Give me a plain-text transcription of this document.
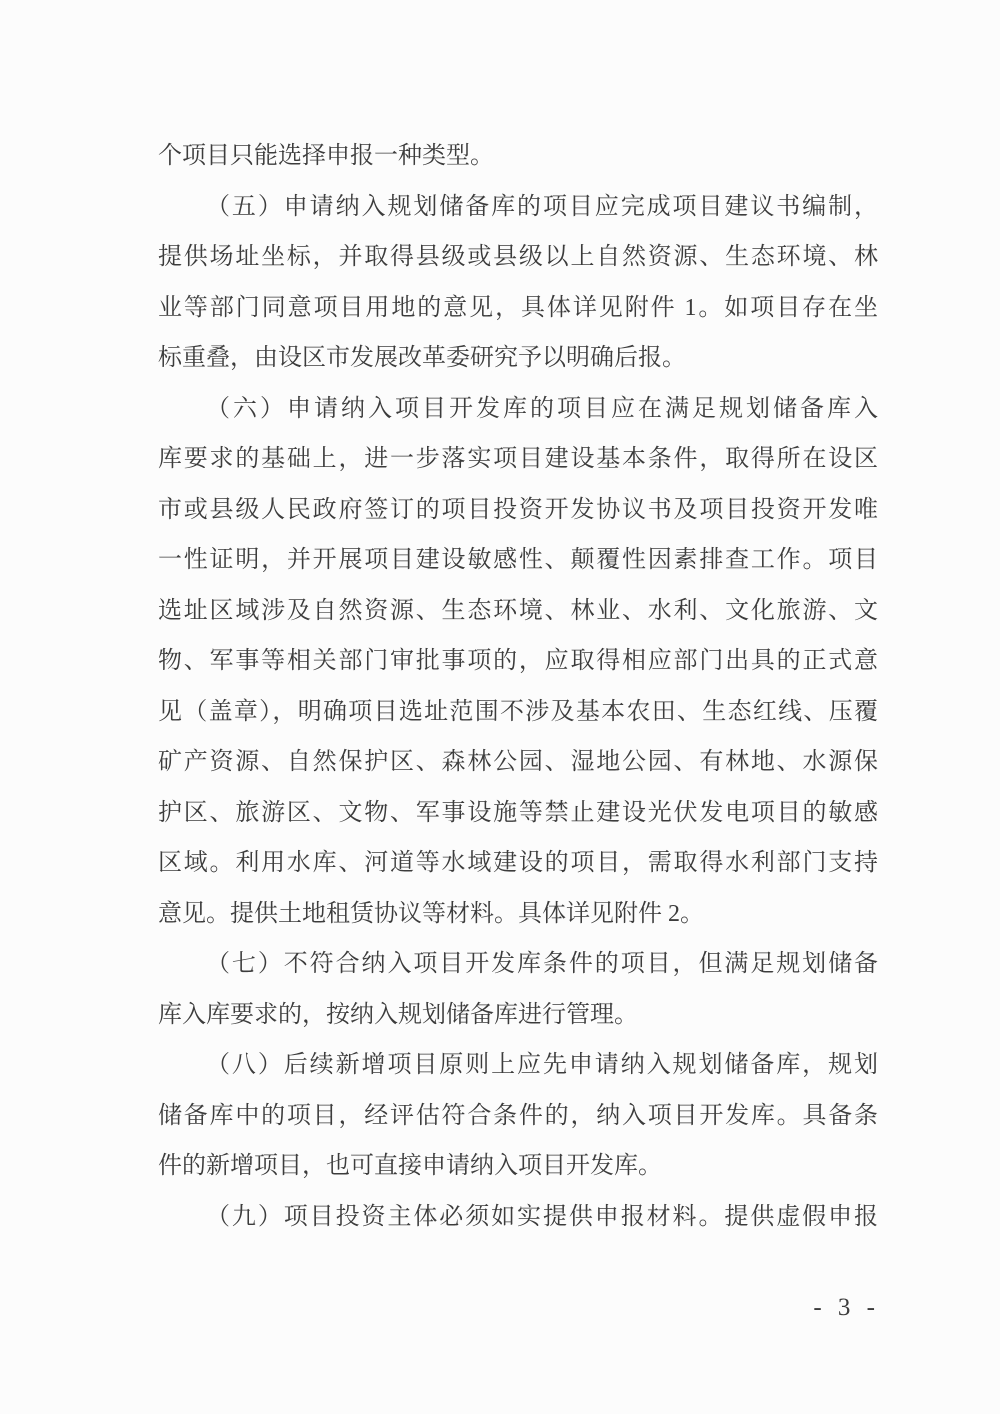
个项目只能选择申报一种类型。
（五）申请纳入规划储备库的项目应完成项目建议书编制，
提供场址坐标，并取得县级或县级以上自然资源、生态环境、林
业等部门同意项目用地的意见，具体详见附件 1。如项目存在坐
标重叠，由设区市发展改革委研究予以明确后报。
（六）申请纳入项目开发库的项目应在满足规划储备库入
库要求的基础上，进一步落实项目建设基本条件，取得所在设区
市或县级人民政府签订的项目投资开发协议书及项目投资开发唯
一性证明，并开展项目建设敏感性、颠覆性因素排查工作。项目
选址区域涉及自然资源、生态环境、林业、水利、文化旅游、文
物、军事等相关部门审批事项的，应取得相应部门出具的正式意
见（盖章），明确项目选址范围不涉及基本农田、生态红线、压覆
矿产资源、自然保护区、森林公园、湿地公园、有林地、水源保
护区、旅游区、文物、军事设施等禁止建设光伏发电项目的敏感
区域。利用水库、河道等水域建设的项目，需取得水利部门支持
意见。提供土地租赁协议等材料。具体详见附件 2。
（七）不符合纳入项目开发库条件的项目，但满足规划储备
库入库要求的，按纳入规划储备库进行管理。
（八）后续新增项目原则上应先申请纳入规划储备库，规划
储备库中的项目，经评估符合条件的，纳入项目开发库。具备条
件的新增项目，也可直接申请纳入项目开发库。
（九）项目投资主体必须如实提供申报材料。提供虚假申报
- 3 -
